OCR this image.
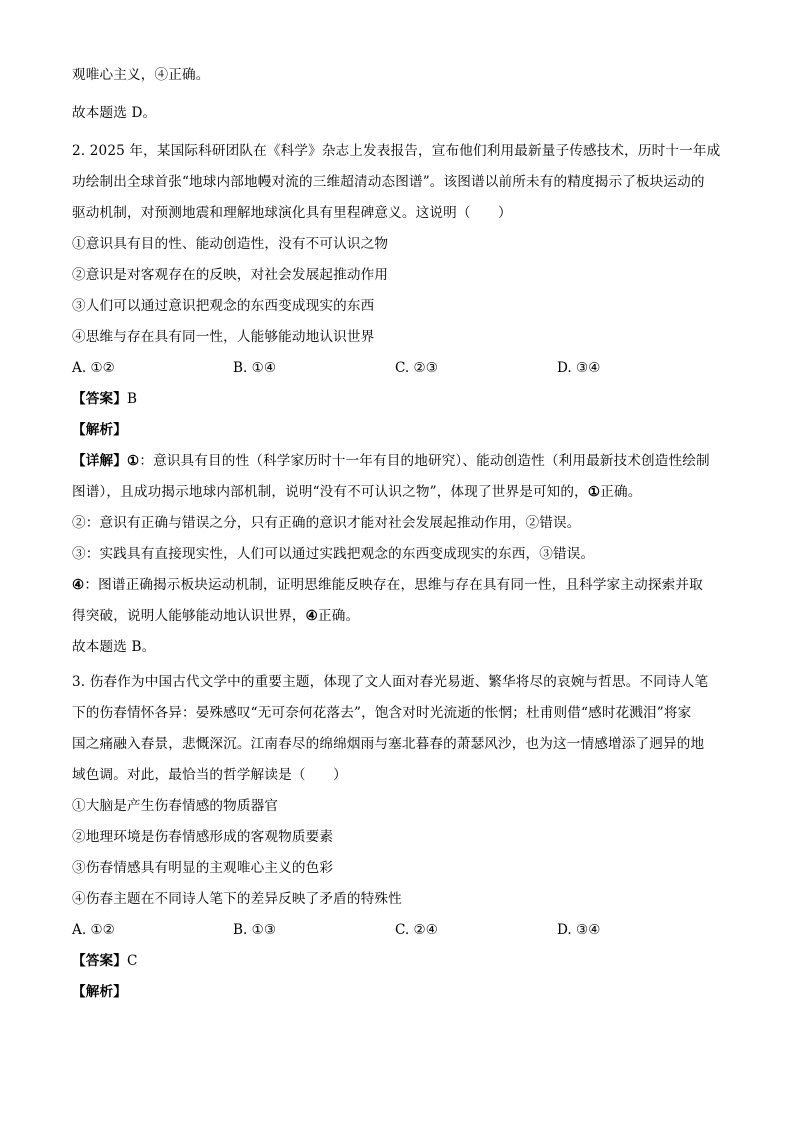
观唯心主义，④正确。
故本题选 D。
2. 2025 年，某国际科研团队在《科学》杂志上发表报告，宣布他们利用最新量子传感技术，历时十一年成
功绘制出全球首张“地球内部地幔对流的三维超清动态图谱”。该图谱以前所未有的精度揭示了板块运动的
驱动机制，对预测地震和理解地球演化具有里程碑意义。这说明（　　）
①意识具有目的性、能动创造性，没有不可认识之物
②意识是对客观存在的反映，对社会发展起推动作用
③人们可以通过意识把观念的东西变成现实的东西
④思维与存在具有同一性，人能够能动地认识世界
A. ①②	B. ①④	C. ②③	D. ③④
【答案】B
【解析】
【详解】①：意识具有目的性（科学家历时十一年有目的地研究）、能动创造性（利用最新技术创造性绘制
图谱），且成功揭示地球内部机制，说明“没有不可认识之物”，体现了世界是可知的，①正确。
②：意识有正确与错误之分，只有正确的意识才能对社会发展起推动作用，②错误。
③：实践具有直接现实性，人们可以通过实践把观念的东西变成现实的东西，③错误。
④：图谱正确揭示板块运动机制，证明思维能反映存在，思维与存在具有同一性，且科学家主动探索并取
得突破，说明人能够能动地认识世界，④正确。
故本题选 B。
3. 伤春作为中国古代文学中的重要主题，体现了文人面对春光易逝、繁华将尽的哀婉与哲思。不同诗人笔
下的伤春情怀各异：晏殊感叹“无可奈何花落去”，饱含对时光流逝的怅惘；杜甫则借“感时花溅泪”将家
国之痛融入春景，悲慨深沉。江南春尽的绵绵烟雨与塞北暮春的萧瑟风沙，也为这一情感增添了迥异的地
域色调。对此，最恰当的哲学解读是（　　）
①大脑是产生伤春情感的物质器官
②地理环境是伤春情感形成的客观物质要素
③伤春情感具有明显的主观唯心主义的色彩
④伤春主题在不同诗人笔下的差异反映了矛盾的特殊性
A. ①②	B. ①③	C. ②④	D. ③④
【答案】C
【解析】
